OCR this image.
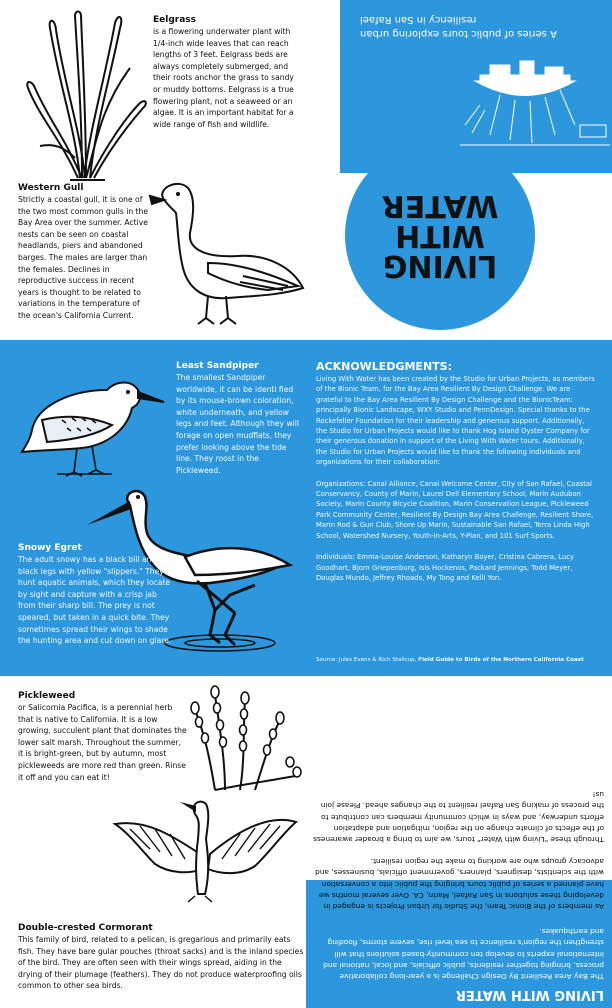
A series of public tours exploring urban resiliency in San Rafael
LIVING
WITH
WATER
Eelgrass
is a flowering underwater plant with 1/4-inch wide leaves that can reach lengths of 3 feet. Eelgrass beds are always completely submerged, and their roots anchor the grass to sandy or muddy bottoms. Eelgrass is a true flowering plant, not a seaweed or an algae. It is an important habitat for a wide range of fish and wildlife.
Western Gull
Strictly a coastal gull, it is one of the two most common gulls in the Bay Area over the summer. Active nests can be seen on coastal headlands, piers and abandoned barges. The males are larger than the females. Declines in reproductive success in recent years is thought to be related to variations in the temperature of the ocean's California Current.
Least Sandpiper
The smallest Sandpiper worldwide, it can be identi fied by its mouse-brown coloration, white underneath, and yellow legs and feet. Although they will forage on open mudflats, they prefer looking above the tide line. They roost in the Pickleweed.
Snowy Egret
The adult snowy has a black bill and black legs with yellow "slippers." They hunt aquatic animals, which they locate by sight and capture with a crisp jab from their sharp bill. The prey is not speared, but taken in a quick bite. They sometimes spread their wings to shade the hunting area and cut down on glare.
ACKNOWLEDGMENTS:

Living With Water has been created by the Studio for Urban Projects, as members of the Bionic Team, for the Bay Area Resilient By Design Challenge. We are grateful to the Bay Area Resilient By Design Challenge and the BionicTeam: principally Bionic Landscape, WXY Studio and PennDesign. Special thanks to the Rockefeller Foundation for their leadership and generous support. Additionally, the Studio for Urban Projects would like to thank Hog Island Oyster Company for their generous donation in support of the Living With Water tours. Additionally, the Studio for Urban Projects would like to thank the following individuals and organizations for their collaboration:

Organizations: Canal Alliance, Canal Welcome Center, City of San Rafael, Coastal Conservancy, County of Marin, Laurel Dell Elementary School, Marin Audubon Society, Marin County Bicycle Coalition, Marin Conservation League, Pickleweed Park Community Center, Resilient By Design Bay Area Challenge, Resilient Shore, Marin Rod & Gun Club, Shore Up Marin, Sustainable San Rafael, Terra Linda High School, Watershed Nursery, Youth-In-Arts, Y-Plan, and 101 Surf Sports.

Individuals: Emma-Louise Anderson, Katharyn Boyer, Cristina Cabrera, Lucy Goodhart, Bjorn Griepenburg, Isis Hockenos, Packard Jennings, Todd Meyer, Douglas Mundo, Jeffrey Rhoads, My Tong and Kelli Yon.

Source: Jules Evens & Rich Stallcup, Field Guide to Birds of the Northern California Coast
Pickleweed
or Salicornia Pacifica, is a perennial herb that is native to California. It is a low growing, succulent plant that dominates the lower salt marsh. Throughout the summer, it is bright-green, but by autumn, most pickleweeds are more red than green. Rinse it off and you can eat it!
Double-crested Cormorant
This family of bird, related to a pelican, is gregarious and primarily eats fish. They have bare gular pouches (throat sacks) and is the inland species of the bird. They are often seen with their wings spread, aiding in the drying of their plumage (feathers). They do not produce waterproofing oils common to other sea birds.
LIVING WITH WATER

The Bay Area Resilient By Design Challenge is a year-long collaborative process, bringing together residents, public officials, and local, national and international experts to develop ten community-based solutions that will strengthen the region's resilience to sea level rise, severe storms, flooding and earthquakes.

As members of the Bionic Team, the Studio for Urban Projects is engaged in developing these solutions in San Rafael, Marin, CA. Over several months we have planned a series of public tours bringing the public into a conversation with the scientists, designers, planners, government officials, businesses, and advocacy groups who are working to make the region resilient.

Through these "Living with Water" tours, we aim to bring a broader awareness of the effects of climate change on the region, mitigation and adaptation efforts underway, and ways in which community members can contribute to the process of making San Rafael resilient to the changes ahead. Please join us!
